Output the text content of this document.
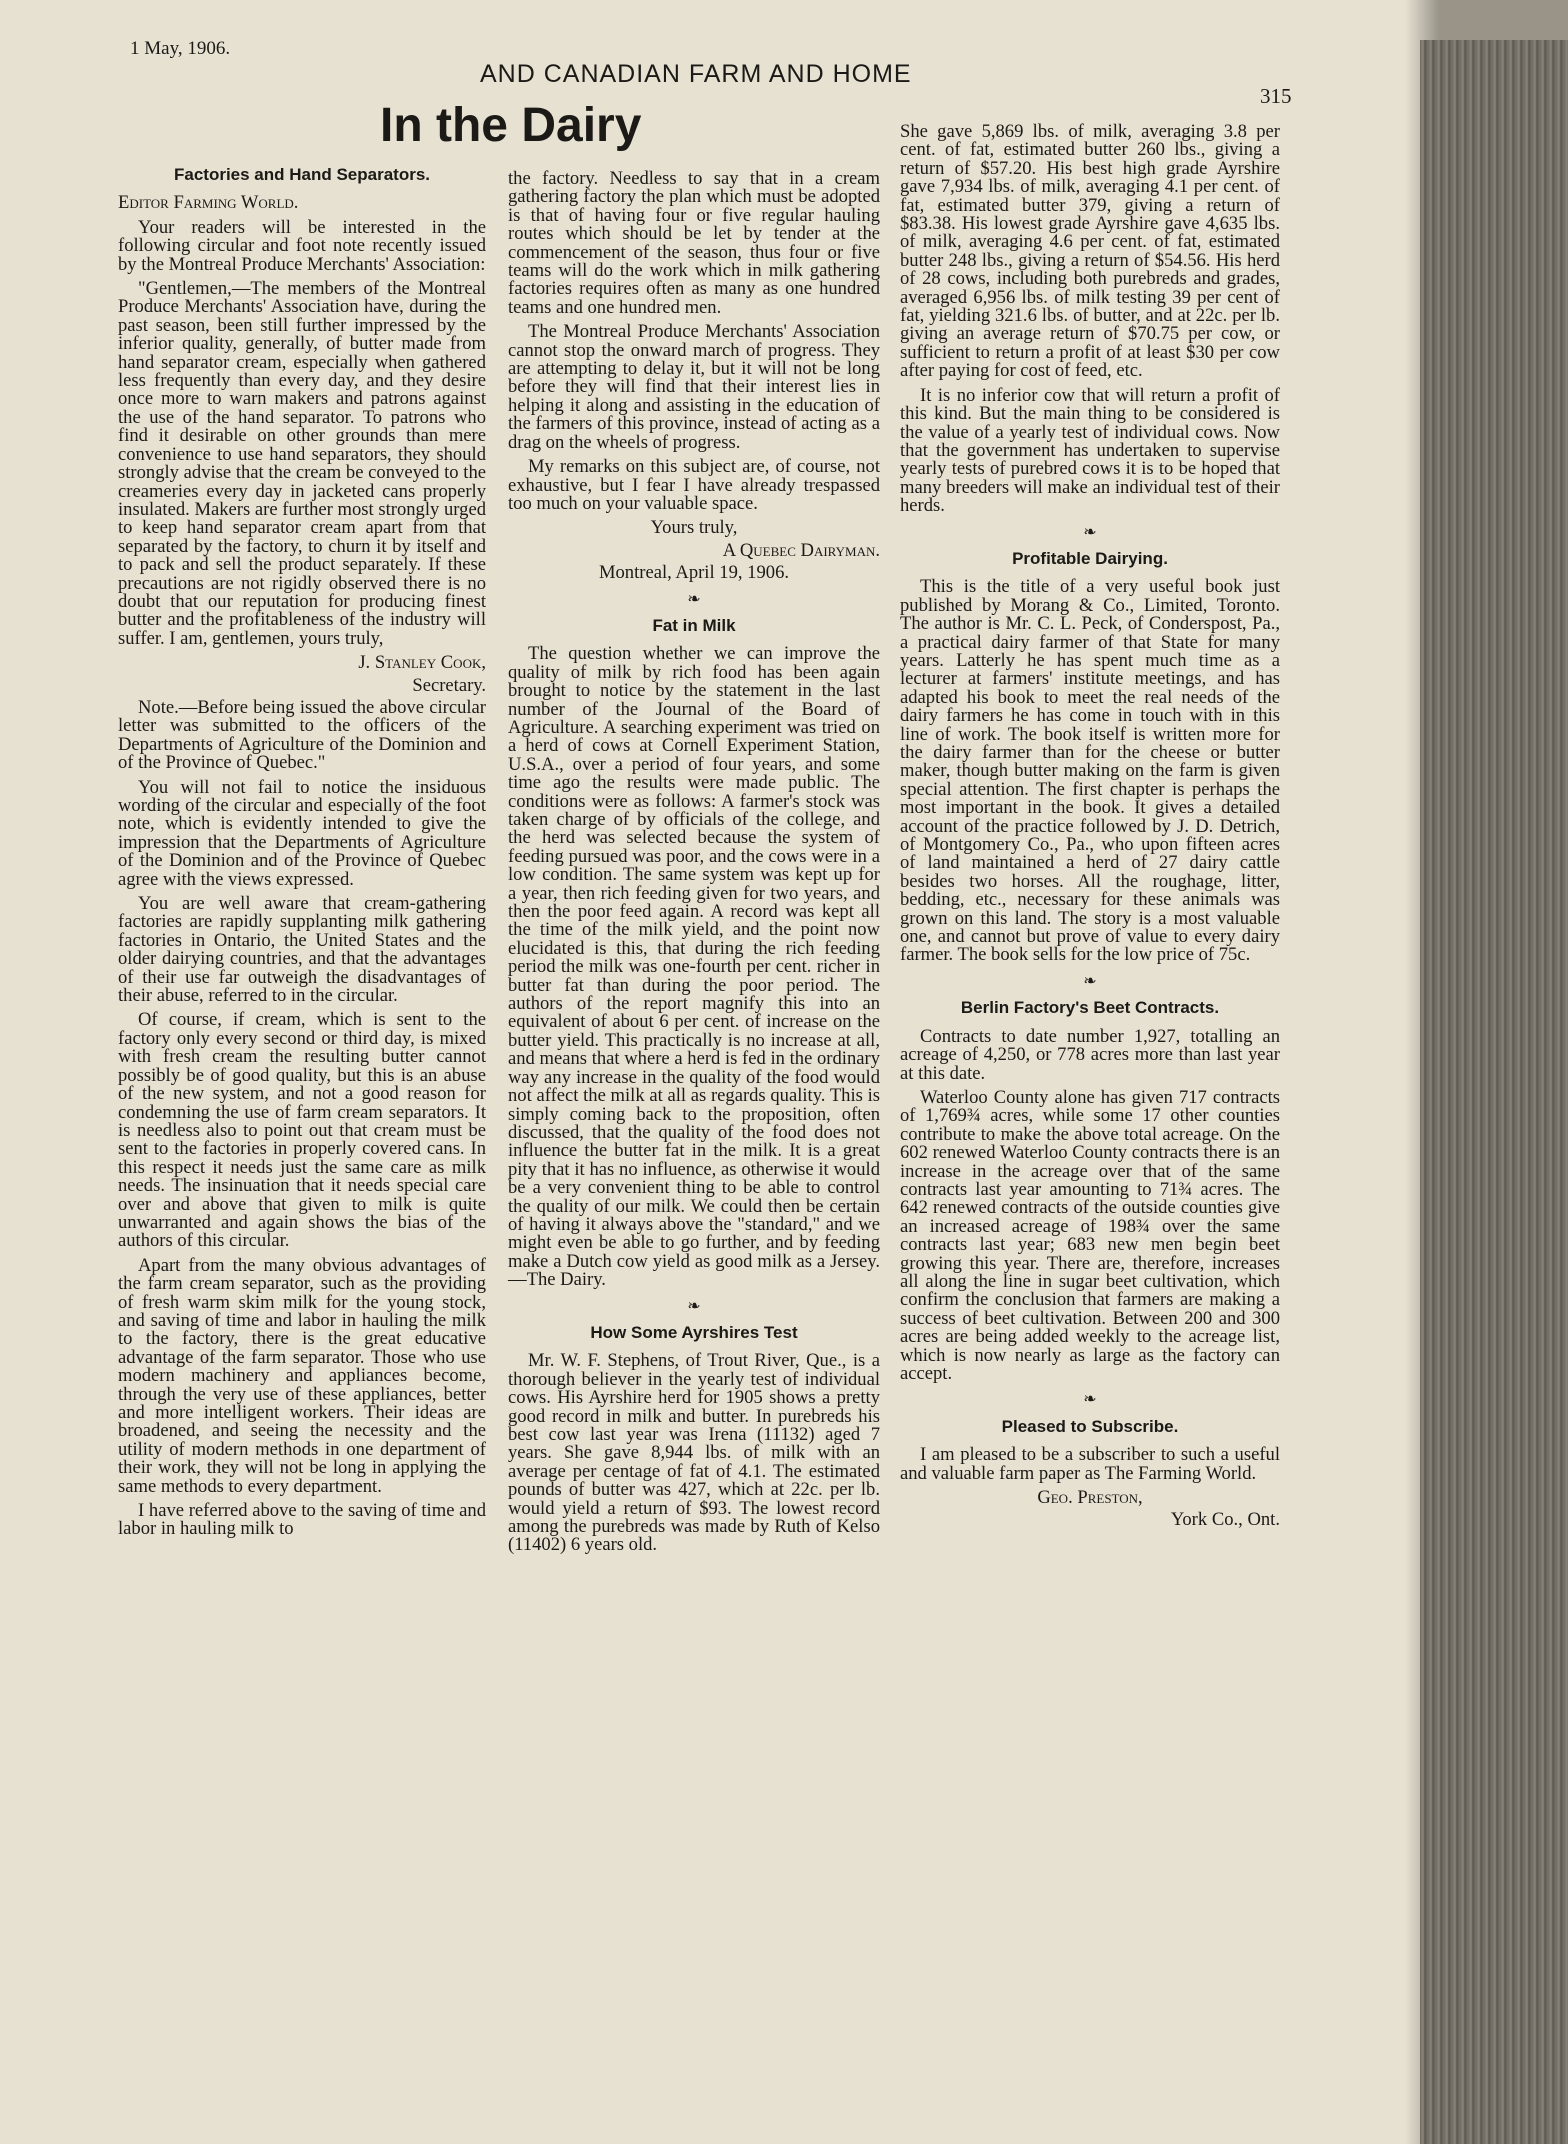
1 May, 1906.
AND CANADIAN FARM AND HOME
315
In the Dairy
Factories and Hand Separators.

Editor Farming World.

Your readers will be interested in the following circular and foot note recently issued by the Montreal Produce Merchants' Association:

"Gentlemen,—The members of the Montreal Produce Merchants' Association have, during the past season, been still further impressed by the inferior quality, generally, of butter made from hand separator cream, especially when gathered less frequently than every day, and they desire once more to warn makers and patrons against the use of the hand separator. To patrons who find it desirable on other grounds than mere convenience to use hand separators, they should strongly advise that the cream be conveyed to the creameries every day in jacketed cans properly insulated. Makers are further most strongly urged to keep hand separator cream apart from that separated by the factory, to churn it by itself and to pack and sell the product separately. If these precautions are not rigidly observed there is no doubt that our reputation for producing finest butter and the profitableness of the industry will suffer. I am, gentlemen, yours truly,

J. Stanley Cook,
Secretary.

Note.—Before being issued the above circular letter was submitted to the officers of the Departments of Agriculture of the Dominion and of the Province of Quebec."

You will not fail to notice the insiduous wording of the circular and especially of the foot note, which is evidently intended to give the impression that the Departments of Agriculture of the Dominion and of the Province of Quebec agree with the views expressed.

You are well aware that cream-gathering factories are rapidly supplanting milk gathering factories in Ontario, the United States and the older dairying countries, and that the advantages of their use far outweigh the disadvantages of their abuse, referred to in the circular.

Of course, if cream, which is sent to the factory only every second or third day, is mixed with fresh cream the resulting butter cannot possibly be of good quality, but this is an abuse of the new system, and not a good reason for condemning the use of farm cream separators. It is needless also to point out that cream must be sent to the factories in properly covered cans. In this respect it needs just the same care as milk needs. The insinuation that it needs special care over and above that given to milk is quite unwarranted and again shows the bias of the authors of this circular.

Apart from the many obvious advantages of the farm cream separator, such as the providing of fresh warm skim milk for the young stock, and saving of time and labor in hauling the milk to the factory, there is the great educative advantage of the farm separator. Those who use modern machinery and appliances become, through the very use of these appliances, better and more intelligent workers. Their ideas are broadened, and seeing the necessity and the utility of modern methods in one department of their work, they will not be long in applying the same methods to every department.

I have referred above to the saving of time and labor in hauling milk to

the factory. Needless to say that in a cream gathering factory the plan which must be adopted is that of having four or five regular hauling routes which should be let by tender at the commencement of the season, thus four or five teams will do the work which in milk gathering factories requires often as many as one hundred teams and one hundred men.

The Montreal Produce Merchants' Association cannot stop the onward march of progress. They are attempting to delay it, but it will not be long before they will find that their interest lies in helping it along and assisting in the education of the farmers of this province, instead of acting as a drag on the wheels of progress.

My remarks on this subject are, of course, not exhaustive, but I fear I have already trespassed too much on your valuable space.

Yours truly,
A Quebec Dairyman.
Montreal, April 19, 1906.
❧
Fat in Milk

The question whether we can improve the quality of milk by rich food has been again brought to notice by the statement in the last number of the Journal of the Board of Agriculture. A searching experiment was tried on a herd of cows at Cornell Experiment Station, U.S.A., over a period of four years, and some time ago the results were made public. The conditions were as follows: A farmer's stock was taken charge of by officials of the college, and the herd was selected because the system of feeding pursued was poor, and the cows were in a low condition. The same system was kept up for a year, then rich feeding given for two years, and then the poor feed again. A record was kept all the time of the milk yield, and the point now elucidated is this, that during the rich feeding period the milk was one-fourth per cent. richer in butter fat than during the poor period. The authors of the report magnify this into an equivalent of about 6 per cent. of increase on the butter yield. This practically is no increase at all, and means that where a herd is fed in the ordinary way any increase in the quality of the food would not affect the milk at all as regards quality. This is simply coming back to the proposition, often discussed, that the quality of the food does not influence the butter fat in the milk. It is a great pity that it has no influence, as otherwise it would be a very convenient thing to be able to control the quality of our milk. We could then be certain of having it always above the "standard," and we might even be able to go further, and by feeding make a Dutch cow yield as good milk as a Jersey.—The Dairy.

❧
How Some Ayrshires Test

Mr. W. F. Stephens, of Trout River, Que., is a thorough believer in the yearly test of individual cows. His Ayrshire herd for 1905 shows a pretty good record in milk and butter. In purebreds his best cow last year was Irena (11132) aged 7 years. She gave 8,944 lbs. of milk with an average per centage of fat of 4.1. The estimated pounds of butter was 427, which at 22c. per lb. would yield a return of $93. The lowest record among the purebreds was made by Ruth of Kelso (11402) 6 years old.

She gave 5,869 lbs. of milk, averaging 3.8 per cent. of fat, estimated butter 260 lbs., giving a return of $57.20. His best high grade Ayrshire gave 7,934 lbs. of milk, averaging 4.1 per cent. of fat, estimated butter 379, giving a return of $83.38. His lowest grade Ayrshire gave 4,635 lbs. of milk, averaging 4.6 per cent. of fat, estimated butter 248 lbs., giving a return of $54.56. His herd of 28 cows, including both purebreds and grades, averaged 6,956 lbs. of milk testing 39 per cent of fat, yielding 321.6 lbs. of butter, and at 22c. per lb. giving an average return of $70.75 per cow, or sufficient to return a profit of at least $30 per cow after paying for cost of feed, etc.

It is no inferior cow that will return a profit of this kind. But the main thing to be considered is the value of a yearly test of individual cows. Now that the government has undertaken to supervise yearly tests of purebred cows it is to be hoped that many breeders will make an individual test of their herds.

❧
Profitable Dairying.

This is the title of a very useful book just published by Morang & Co., Limited, Toronto. The author is Mr. C. L. Peck, of Conderspost, Pa., a practical dairy farmer of that State for many years. Latterly he has spent much time as a lecturer at farmers' institute meetings, and has adapted his book to meet the real needs of the dairy farmers he has come in touch with in this line of work. The book itself is written more for the dairy farmer than for the cheese or butter maker, though butter making on the farm is given special attention. The first chapter is perhaps the most important in the book. It gives a detailed account of the practice followed by J. D. Detrich, of Montgomery Co., Pa., who upon fifteen acres of land maintained a herd of 27 dairy cattle besides two horses. All the roughage, litter, bedding, etc., necessary for these animals was grown on this land. The story is a most valuable one, and cannot but prove of value to every dairy farmer. The book sells for the low price of 75c.

❧
Berlin Factory's Beet Contracts.

Contracts to date number 1,927, totalling an acreage of 4,250, or 778 acres more than last year at this date.

Waterloo County alone has given 717 contracts of 1,769¾ acres, while some 17 other counties contribute to make the above total acreage. On the 602 renewed Waterloo County contracts there is an increase in the acreage over that of the same contracts last year amounting to 71¾ acres. The 642 renewed contracts of the outside counties give an increased acreage of 198¾ over the same contracts last year; 683 new men begin beet growing this year. There are, therefore, increases all along the line in sugar beet cultivation, which confirm the conclusion that farmers are making a success of beet cultivation. Between 200 and 300 acres are being added weekly to the acreage list, which is now nearly as large as the factory can accept.

❧
Pleased to Subscribe.

I am pleased to be a subscriber to such a useful and valuable farm paper as The Farming World.

Geo. Preston,
York Co., Ont.
